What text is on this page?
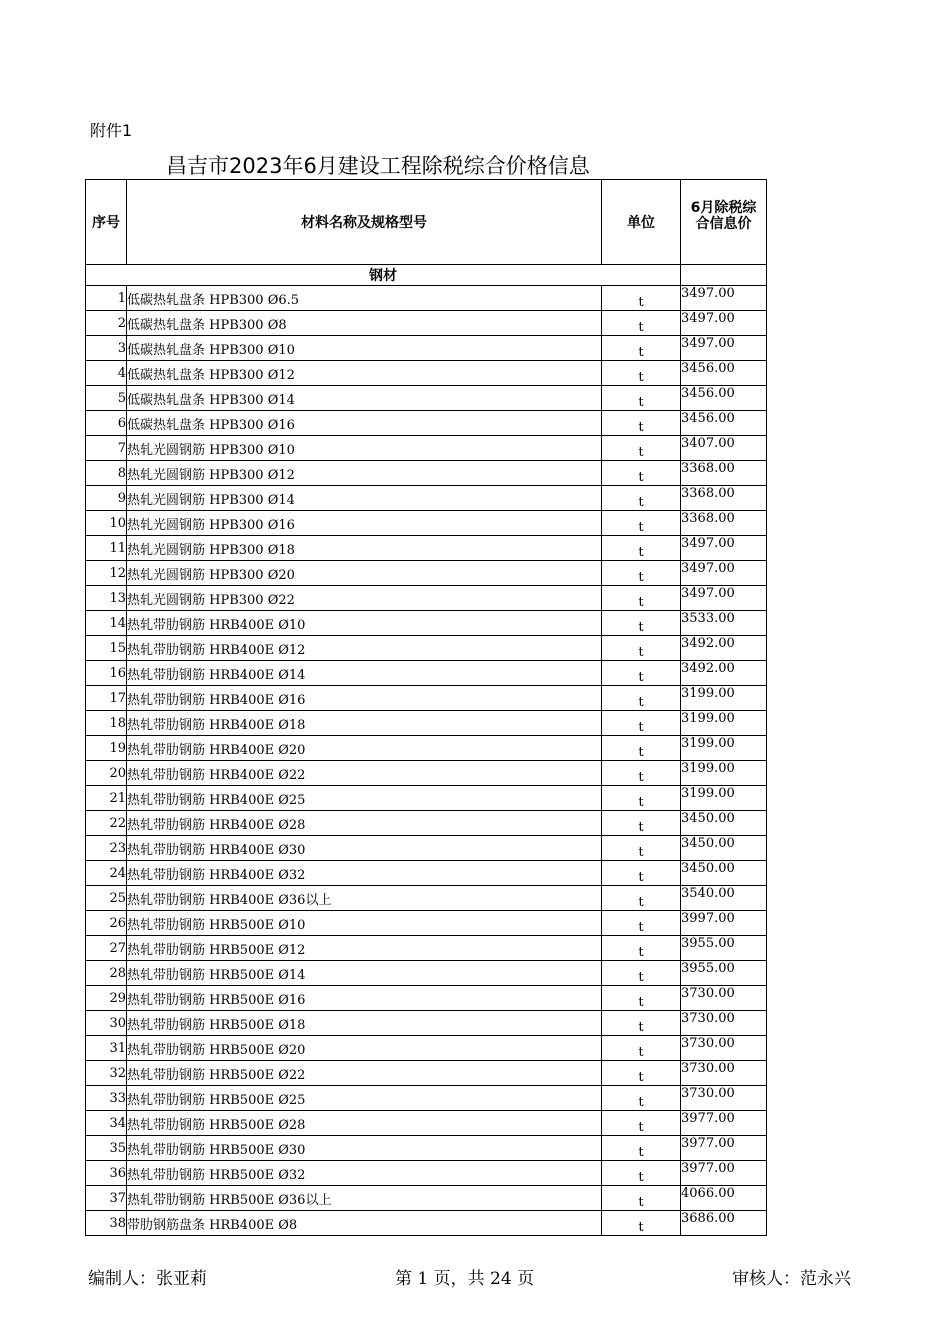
附件1
昌吉市2023年6月建设工程除税综合价格信息
序号	材料名称及规格型号	单位	6月除税综
合信息价

钢材			
1	低碳热轧盘条 HPB300 Ø6.5	t	3497.00
2	低碳热轧盘条 HPB300 Ø8	t	3497.00
3	低碳热轧盘条 HPB300 Ø10	t	3497.00
4	低碳热轧盘条 HPB300 Ø12	t	3456.00
5	低碳热轧盘条 HPB300 Ø14	t	3456.00
6	低碳热轧盘条 HPB300 Ø16	t	3456.00
7	热轧光圆钢筋 HPB300 Ø10	t	3407.00
8	热轧光圆钢筋 HPB300 Ø12	t	3368.00
9	热轧光圆钢筋 HPB300 Ø14	t	3368.00
10	热轧光圆钢筋 HPB300 Ø16	t	3368.00
11	热轧光圆钢筋 HPB300 Ø18	t	3497.00
12	热轧光圆钢筋 HPB300 Ø20	t	3497.00
13	热轧光圆钢筋 HPB300 Ø22	t	3497.00
14	热轧带肋钢筋 HRB400E Ø10	t	3533.00
15	热轧带肋钢筋 HRB400E Ø12	t	3492.00
16	热轧带肋钢筋 HRB400E Ø14	t	3492.00
17	热轧带肋钢筋 HRB400E Ø16	t	3199.00
18	热轧带肋钢筋 HRB400E Ø18	t	3199.00
19	热轧带肋钢筋 HRB400E Ø20	t	3199.00
20	热轧带肋钢筋 HRB400E Ø22	t	3199.00
21	热轧带肋钢筋 HRB400E Ø25	t	3199.00
22	热轧带肋钢筋 HRB400E Ø28	t	3450.00
23	热轧带肋钢筋 HRB400E Ø30	t	3450.00
24	热轧带肋钢筋 HRB400E Ø32	t	3450.00
25	热轧带肋钢筋 HRB400E Ø36以上	t	3540.00
26	热轧带肋钢筋 HRB500E Ø10	t	3997.00
27	热轧带肋钢筋 HRB500E Ø12	t	3955.00
28	热轧带肋钢筋 HRB500E Ø14	t	3955.00
29	热轧带肋钢筋 HRB500E Ø16	t	3730.00
30	热轧带肋钢筋 HRB500E Ø18	t	3730.00
31	热轧带肋钢筋 HRB500E Ø20	t	3730.00
32	热轧带肋钢筋 HRB500E Ø22	t	3730.00
33	热轧带肋钢筋 HRB500E Ø25	t	3730.00
34	热轧带肋钢筋 HRB500E Ø28	t	3977.00
35	热轧带肋钢筋 HRB500E Ø30	t	3977.00
36	热轧带肋钢筋 HRB500E Ø32	t	3977.00
37	热轧带肋钢筋 HRB500E Ø36以上	t	4066.00
38	带肋钢筋盘条 HRB400E Ø8	t	3686.00
编制人：张亚莉	第 1 页，共 24 页	审核人：范永兴
